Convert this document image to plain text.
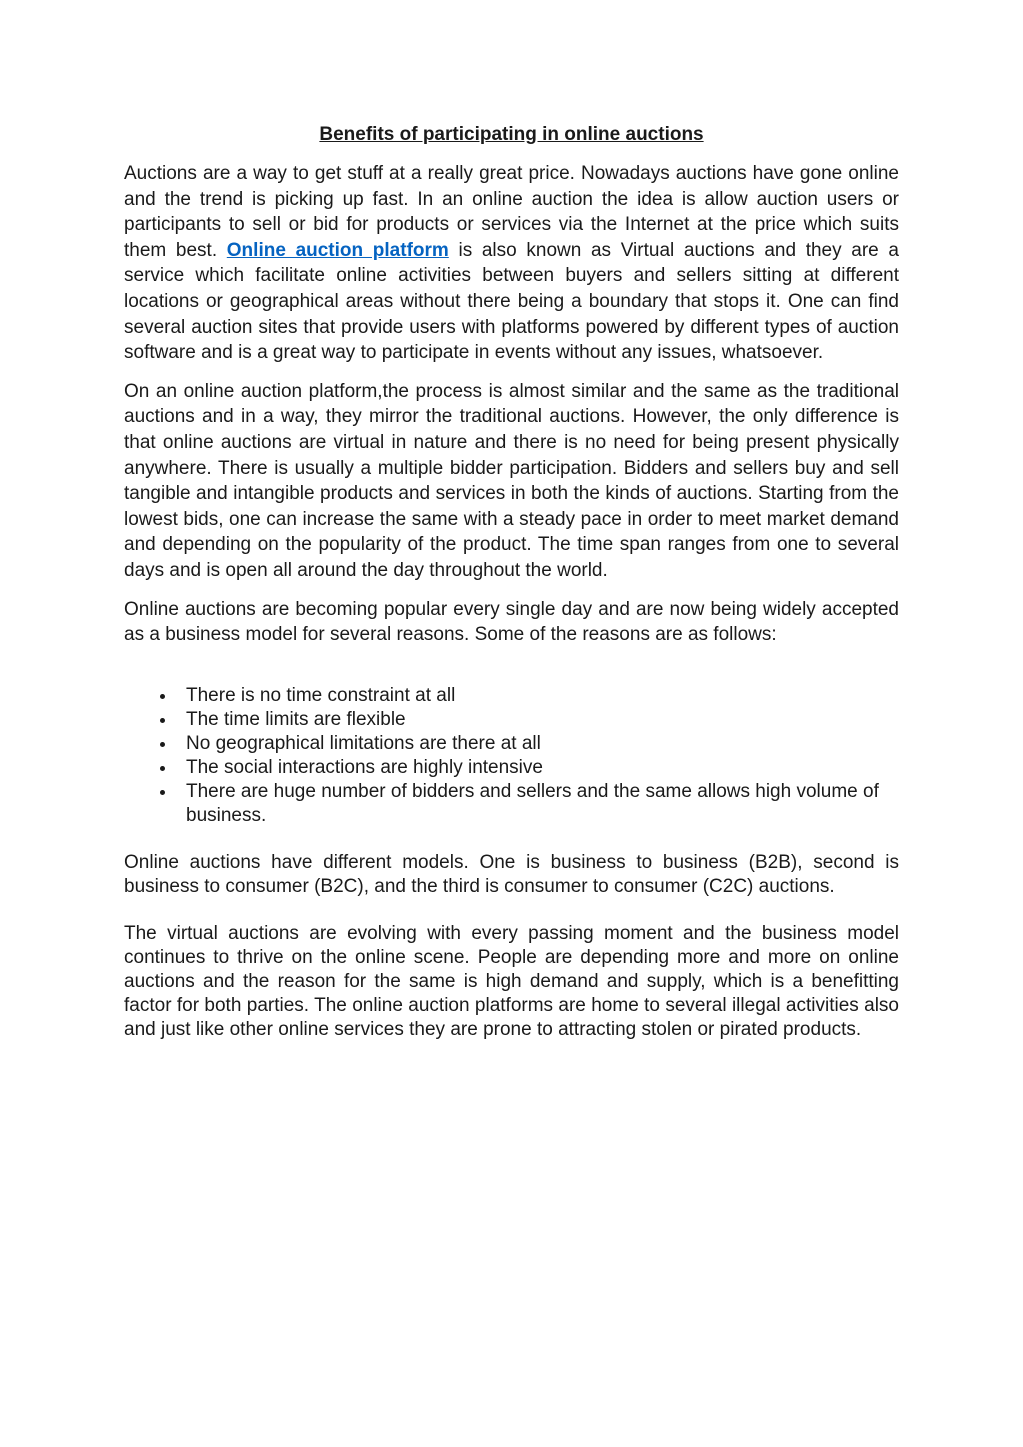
Benefits of participating in online auctions

Auctions are a way to get stuff at a really great price. Nowadays auctions have gone online and the trend is picking up fast. In an online auction the idea is allow auction users or participants to sell or bid for products or services via the Internet at the price which suits them best. Online auction platform is also known as Virtual auctions and they are a service which facilitate online activities between buyers and sellers sitting at different locations or geographical areas without there being a boundary that stops it. One can find several auction sites that provide users with platforms powered by different types of auction software and is a great way to participate in events without any issues, whatsoever.

On an online auction platform,the process is almost similar and the same as the traditional auctions and in a way, they mirror the traditional auctions. However, the only difference is that online auctions are virtual in nature and there is no need for being present physically anywhere. There is usually a multiple bidder participation. Bidders and sellers buy and sell tangible and intangible products and services in both the kinds of auctions. Starting from the lowest bids, one can increase the same with a steady pace in order to meet market demand and depending on the popularity of the product. The time span ranges from one to several days and is open all around the day throughout the world.

Online auctions are becoming popular every single day and are now being widely accepted as a business model for several reasons. Some of the reasons are as follows:

There is no time constraint at all
The time limits are flexible
No geographical limitations are there at all
The social interactions are highly intensive
There are huge number of bidders and sellers and the same allows high volume of business.

Online auctions have different models. One is business to business (B2B), second is business to consumer (B2C), and the third is consumer to consumer (C2C) auctions.

The virtual auctions are evolving with every passing moment and the business model continues to thrive on the online scene. People are depending more and more on online auctions and the reason for the same is high demand and supply, which is a benefitting factor for both parties. The online auction platforms are home to several illegal activities also and just like other online services they are prone to attracting stolen or pirated products.
